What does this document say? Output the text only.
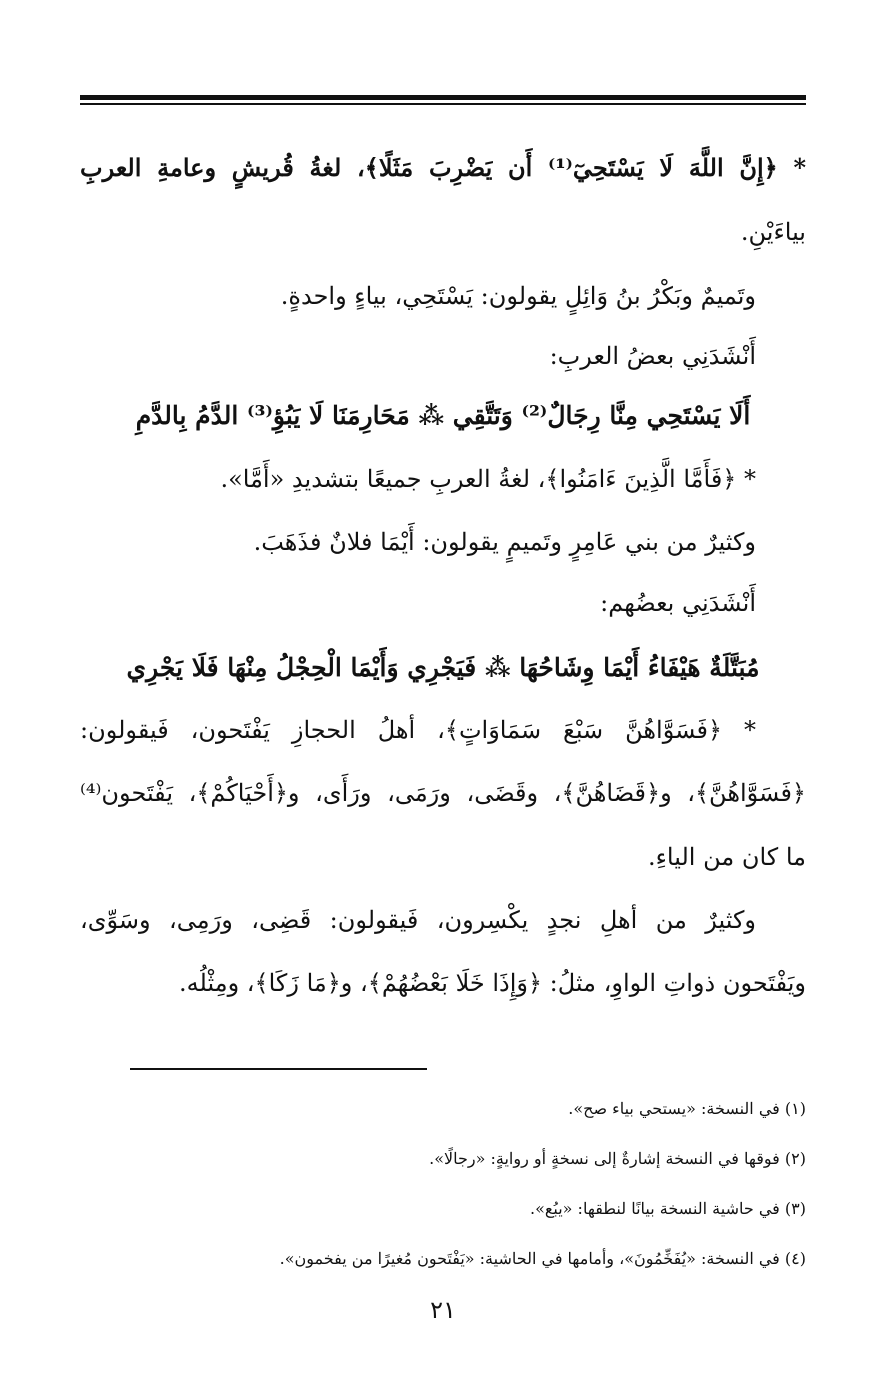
* ﴿إِنَّ اللَّهَ لَا يَسْتَحِيٓ⁽¹⁾ أَن يَضْرِبَ مَثَلًا﴾، لغةُ قُريشٍ وعامةِ العربِ
بياءَيْنِ.
وتَميمٌ وبَكْرُ بنُ وَائِلٍ يقولون: يَسْتَحِي، بياءٍ واحدةٍ.
أَنْشَدَنِي بعضُ العربِ:
أَلَا يَسْتَحِي مِنَّا رِجَالٌ⁽²⁾ وَتَتَّقِي ⁂ مَحَارِمَنَا لَا يَبُؤِ⁽³⁾ الدَّمُ بِالدَّمِ
* ﴿فَأَمَّا الَّذِينَ ءَامَنُوا﴾، لغةُ العربِ جميعًا بتشديدِ «أَمَّا».
وكثيرٌ من بني عَامِرٍ وتَميمٍ يقولون: أَيْمَا فلانٌ فذَهَبَ.
أَنْشَدَنِي بعضُهم:
مُبَتَّلَةٌ هَيْفَاءُ أَيْمَا وِشَاحُهَا ⁂ فَيَجْرِي وَأَيْمَا الْحِجْلُ مِنْهَا فَلَا يَجْرِي
* ﴿فَسَوَّاهُنَّ سَبْعَ سَمَاوَاتٍ﴾، أهلُ الحجازِ يَفْتَحون، فَيقولون:
﴿فَسَوَّاهُنَّ﴾، و﴿قَضَاهُنَّ﴾، وقَضَى، ورَمَى، ورَأَى، و﴿أَحْيَاكُمْ﴾، يَفْتَحون⁽⁴⁾
ما كان من الياءِ.
وكثيرٌ من أهلِ نجدٍ يكْسِرون، فَيقولون: قَضِى، ورَمِى، وسَوِّى،
ويَفْتَحون ذواتِ الواوِ، مثلُ: ﴿وَإِذَا خَلَا بَعْضُهُمْ﴾، و﴿مَا زَكَا﴾، ومِثْلُه.
(١) في النسخة: «يستحي بياء صح».
(٢) فوقها في النسخة إشارةٌ إلى نسخةٍ أو روايةٍ: «رجالًا».
(٣) في حاشية النسخة بيانًا لنطقها: «يبُع».
(٤) في النسخة: «يُفَخِّمُونَ»، وأمامها في الحاشية: «يَفْتَحون مُغيرًا من يفخمون».
٢١
